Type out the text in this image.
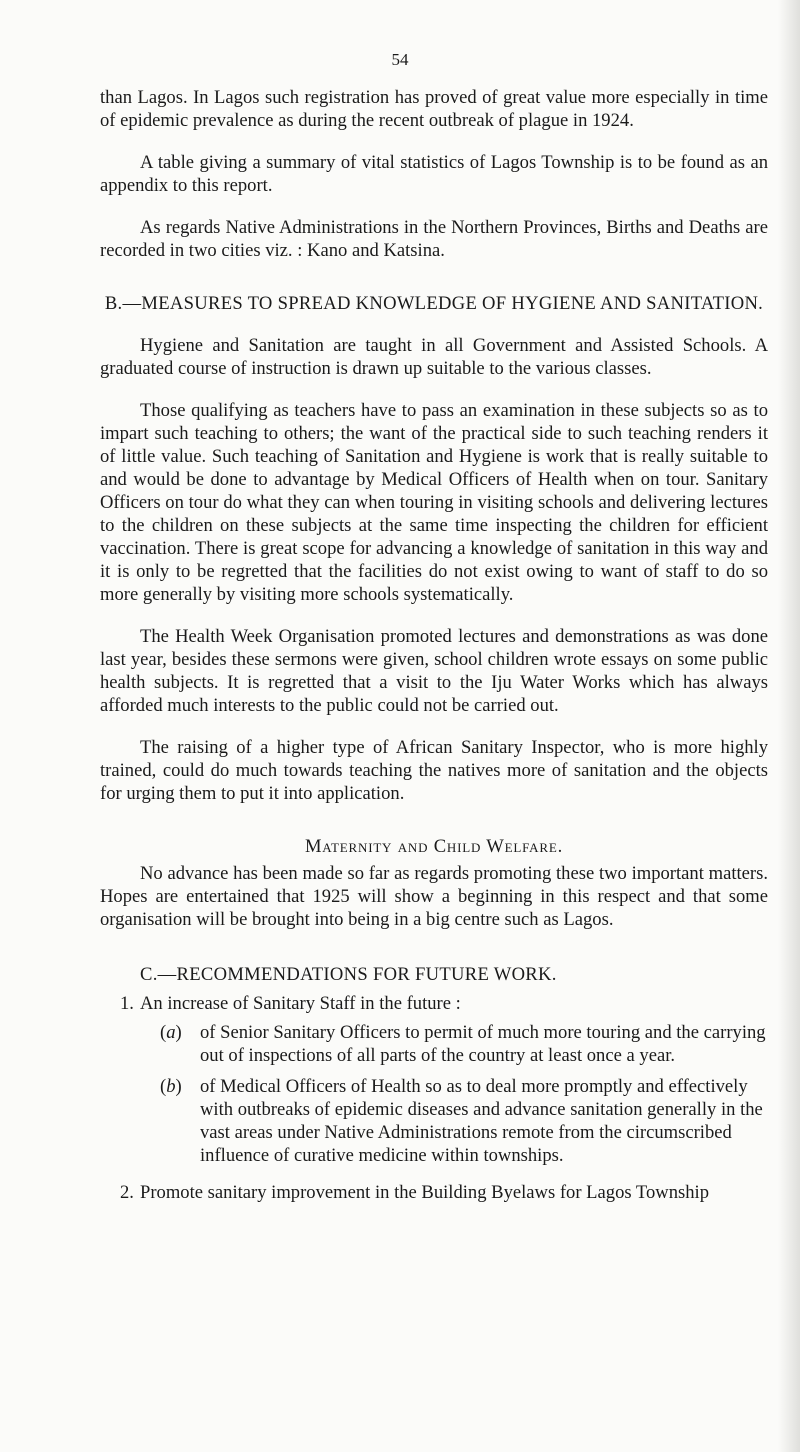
54

than Lagos. In Lagos such registration has proved of great value more especially in time of epidemic prevalence as during the recent outbreak of plague in 1924.

A table giving a summary of vital statistics of Lagos Township is to be found as an appendix to this report.

As regards Native Administrations in the Northern Provinces, Births and Deaths are recorded in two cities viz. : Kano and Katsina.

B.—MEASURES TO SPREAD KNOWLEDGE OF HYGIENE AND SANITATION.

Hygiene and Sanitation are taught in all Government and Assisted Schools. A graduated course of instruction is drawn up suitable to the various classes.

Those qualifying as teachers have to pass an examination in these subjects so as to impart such teaching to others; the want of the practical side to such teaching renders it of little value. Such teaching of Sanitation and Hygiene is work that is really suitable to and would be done to advantage by Medical Officers of Health when on tour. Sanitary Officers on tour do what they can when touring in visiting schools and delivering lectures to the children on these subjects at the same time inspecting the children for efficient vaccination. There is great scope for advancing a knowledge of sanitation in this way and it is only to be regretted that the facilities do not exist owing to want of staff to do so more generally by visiting more schools systematically.

The Health Week Organisation promoted lectures and demonstrations as was done last year, besides these sermons were given, school children wrote essays on some public health subjects. It is regretted that a visit to the Iju Water Works which has always afforded much interests to the public could not be carried out.

The raising of a higher type of African Sanitary Inspector, who is more highly trained, could do much towards teaching the natives more of sanitation and the objects for urging them to put it into application.

Maternity and Child Welfare.

No advance has been made so far as regards promoting these two important matters. Hopes are entertained that 1925 will show a beginning in this respect and that some organisation will be brought into being in a big centre such as Lagos.

C.—RECOMMENDATIONS FOR FUTURE WORK.
1. An increase of Sanitary Staff in the future :
(a) of Senior Sanitary Officers to permit of much more touring and the carrying out of inspections of all parts of the country at least once a year.
(b) of Medical Officers of Health so as to deal more promptly and effectively with outbreaks of epidemic diseases and advance sanitation generally in the vast areas under Native Administrations remote from the circumscribed influence of curative medicine within townships.
2. Promote sanitary improvement in the Building Byelaws for Lagos Township
